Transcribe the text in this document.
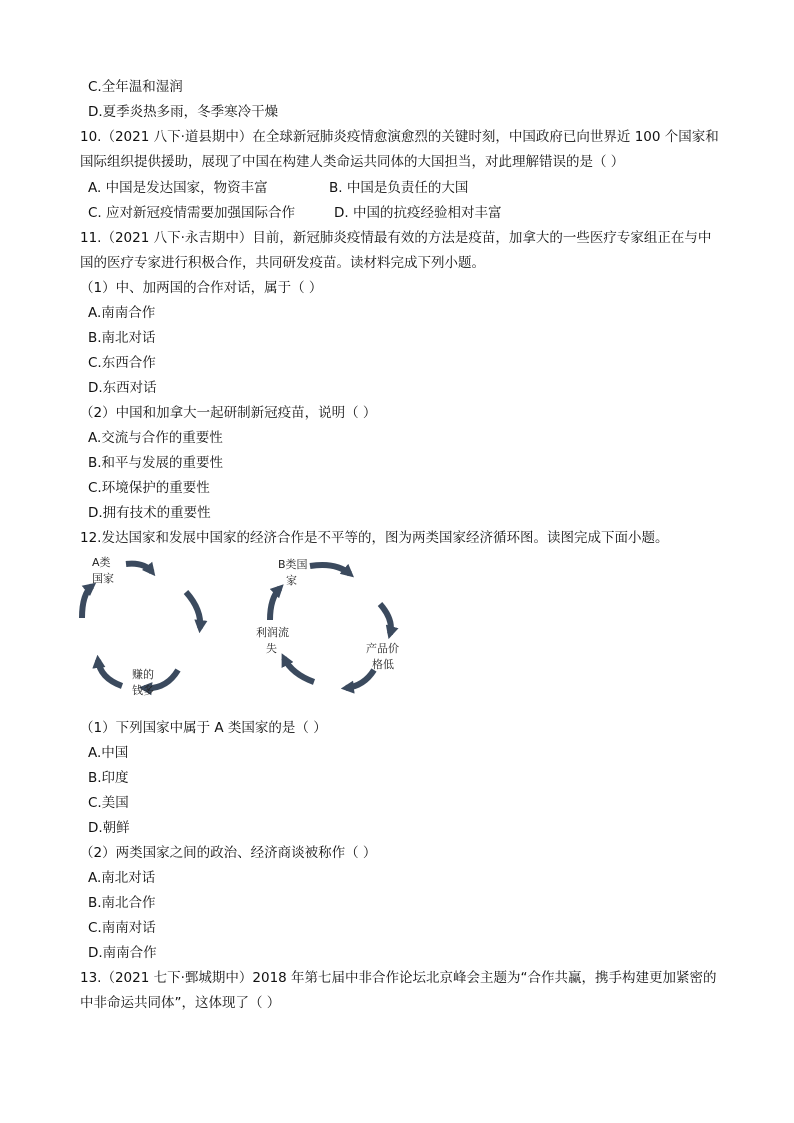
C.全年温和湿润
D.夏季炎热多雨，冬季寒冷干燥
10.（2021 八下·道县期中）在全球新冠肺炎疫情愈演愈烈的关键时刻，中国政府已向世界近 100 个国家和
国际组织提供援助，展现了中国在构建人类命运共同体的大国担当，对此理解错误的是（ ）
A. 中国是发达国家，物资丰富	B. 中国是负责任的大国
C. 应对新冠疫情需要加强国际合作	D. 中国的抗疫经验相对丰富
11.（2021 八下·永吉期中）目前，新冠肺炎疫情最有效的方法是疫苗，加拿大的一些医疗专家组正在与中
国的医疗专家进行积极合作，共同研发疫苗。读材料完成下列小题。
（1）中、加两国的合作对话，属于（ ）
A.南南合作
B.南北对话
C.东西合作
D.东西对话
（2）中国和加拿大一起研制新冠疫苗，说明（ ）
A.交流与合作的重要性
B.和平与发展的重要性
C.环境保护的重要性
D.拥有技术的重要性
12.发达国家和发展中国家的经济合作是不平等的，图为两类国家经济循环图。读图完成下面小题。
A类
国家
赚的
钱多
B类国
家
产品价
格低
利润流
失
（1）下列国家中属于 A 类国家的是（ ）
A.中国
B.印度
C.美国
D.朝鲜
（2）两类国家之间的政治、经济商谈被称作（ ）
A.南北对话
B.南北合作
C.南南对话
D.南南合作
13.（2021 七下·鄄城期中）2018 年第七届中非合作论坛北京峰会主题为“合作共赢，携手构建更加紧密的
中非命运共同体”，这体现了（ ）
